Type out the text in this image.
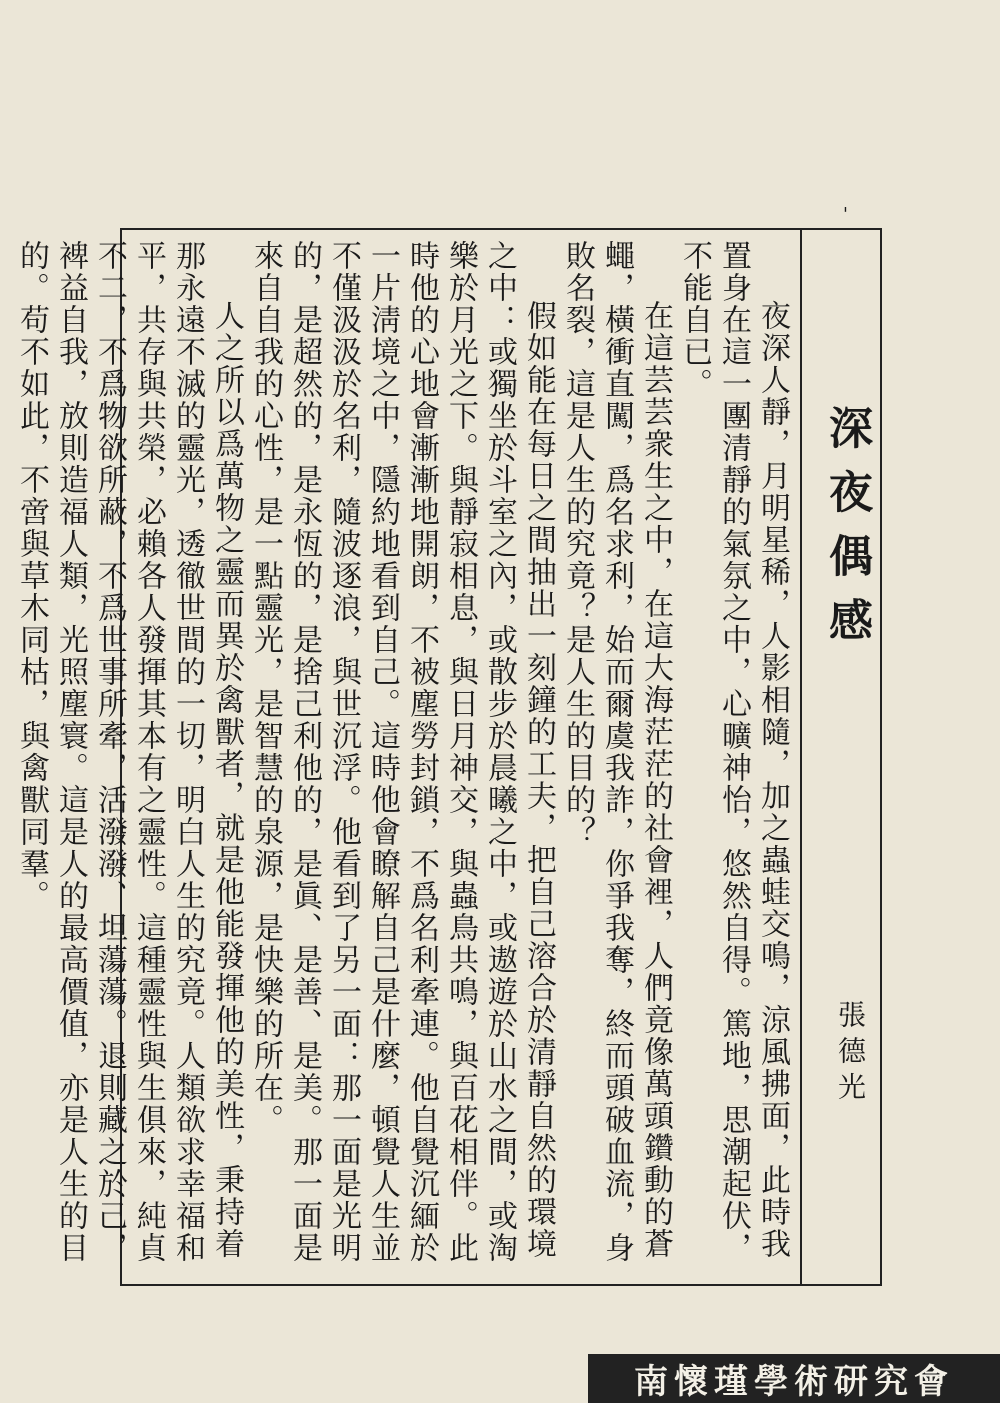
'
深夜偶感
張德光

夜深人靜，月明星稀，人影相隨，加之蟲蛙交鳴，涼風拂面，此時我置身在這一團清靜的氣氛之中，心曠神怡，悠然自得。篤地，思潮起伏，不能自已。

在這芸芸衆生之中，在這大海茫茫的社會裡，人們竟像萬頭鑽動的蒼蠅，橫衝直闖，爲名求利，始而爾虞我詐，你爭我奪，終而頭破血流，身敗名裂，這是人生的究竟？是人生的目的？

假如能在每日之間抽出一刻鐘的工夫，把自己溶合於清靜自然的環境之中：或獨坐於斗室之內，或散步於晨曦之中，或遨遊於山水之間，或淘樂於月光之下。與靜寂相息，與日月神交，與蟲鳥共鳴，與百花相伴。此時他的心地會漸漸地開朗，不被塵勞封鎖，不爲名利牽連。他自覺沉緬於一片淸境之中，隱約地看到自己。這時他會瞭解自己是什麼，頓覺人生並不僅汲汲於名利，隨波逐浪，與世沉浮。他看到了另一面：那一面是光明的，是超然的，是永恆的，是捨己利他的，是眞、是善、是美。那一面是來自自我的心性，是一點靈光，是智慧的泉源，是快樂的所在。

人之所以爲萬物之靈而異於禽獸者，就是他能發揮他的美性，秉持着那永遠不滅的靈光，透徹世間的一切，明白人生的究竟。人類欲求幸福和平，共存與共榮，必賴各人發揮其本有之靈性。這種靈性與生俱來，純貞不二，不爲物欲所蔽，不爲世事所牽，活潑潑、坦蕩蕩。退則藏之於己，裨益自我，放則造福人類，光照塵寰。這是人的最高價值，亦是人生的目的。苟不如此，不啻與草木同枯，與禽獸同羣。

南懷瑾學術研究會
